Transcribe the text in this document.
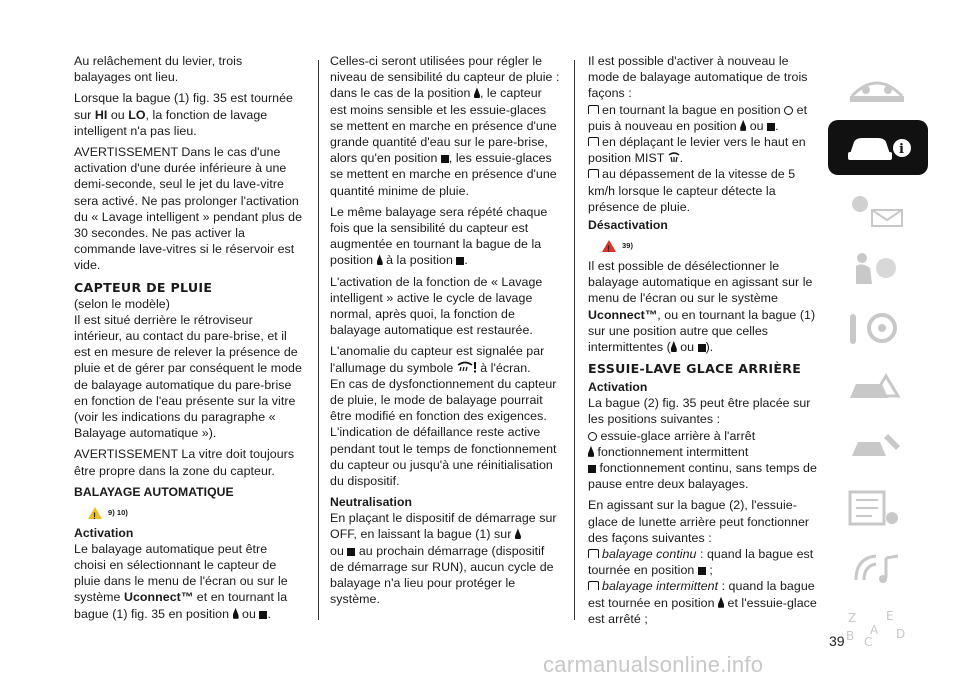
Au relâchement du levier, trois balayages ont lieu.

Lorsque la bague (1) fig. 35 est tournée sur HI ou LO, la fonction de lavage intelligent n'a pas lieu.

AVERTISSEMENT Dans le cas d'une activation d'une durée inférieure à une demi-seconde, seul le jet du lave-vitre sera activé. Ne pas prolonger l'activation du « Lavage intelligent » pendant plus de 30 secondes. Ne pas activer la commande lave-vitres si le réservoir est vide.

CAPTEUR DE PLUIE

(selon le modèle)

Il est situé derrière le rétroviseur intérieur, au contact du pare-brise, et il est en mesure de relever la présence de pluie et de gérer par conséquent le mode de balayage automatique du pare-brise en fonction de l'eau présente sur la vitre (voir les indications du paragraphe « Balayage automatique »).

AVERTISSEMENT La vitre doit toujours être propre dans la zone du capteur.

BALAYAGE AUTOMATIQUE
!
9) 10)
Activation

Le balayage automatique peut être choisi en sélectionnant le capteur de pluie dans le menu de l'écran ou sur le système Uconnect™ et en tournant la bague (1) fig. 35 en position  ou .

Celles-ci seront utilisées pour régler le niveau de sensibilité du capteur de pluie : dans le cas de la position , le capteur est moins sensible et les essuie-glaces se mettent en marche en présence d'une grande quantité d'eau sur le pare-brise, alors qu'en position , les essuie-glaces se mettent en marche en présence d'une quantité minime de pluie.

Le même balayage sera répété chaque fois que la sensibilité du capteur est augmentée en tournant la bague de la position  à la position .

L'activation de la fonction de « Lavage intelligent » active le cycle de lavage normal, après quoi, la fonction de balayage automatique est restaurée.

L'anomalie du capteur est signalée par l'allumage du symbole  à l'écran.

En cas de dysfonctionnement du capteur de pluie, le mode de balayage pourrait être modifié en fonction des exigences. L'indication de défaillance reste active pendant tout le temps de fonctionnement du capteur ou jusqu'à une réinitialisation du dispositif.

Neutralisation

En plaçant le dispositif de démarrage sur OFF, en laissant la bague (1) sur
ou  au prochain démarrage (dispositif de démarrage sur RUN), aucun cycle de balayage n'a lieu pour protéger le système.

Il est possible d'activer à nouveau le mode de balayage automatique de trois façons :

en tournant la bague en position  et puis à nouveau en position  ou .

en déplaçant le levier vers le haut en position MIST .

au dépassement de la vitesse de 5 km/h lorsque le capteur détecte la présence de pluie.

Désactivation
!
39)

Il est possible de désélectionner le balayage automatique en agissant sur le menu de l'écran ou sur le système Uconnect™, ou en tournant la bague (1) sur une position autre que celles intermittentes ( ou ).

ESSUIE-LAVE GLACE ARRIÈRE
Activation

La bague (2) fig. 35 peut être placée sur les positions suivantes :

essuie-glace arrière à l'arrêt

fonctionnement intermittent

fonctionnement continu, sans temps de pause entre deux balayages.

En agissant sur la bague (2), l'essuie-glace de lunette arrière peut fonctionner des façons suivantes :

balayage continu : quand la bague est tournée en position  ;

balayage intermittent : quand la bague est tournée en position  et l'essuie-glace est arrêté ;

i
Z E
B C
D
A
39
carmanualsonline.info
